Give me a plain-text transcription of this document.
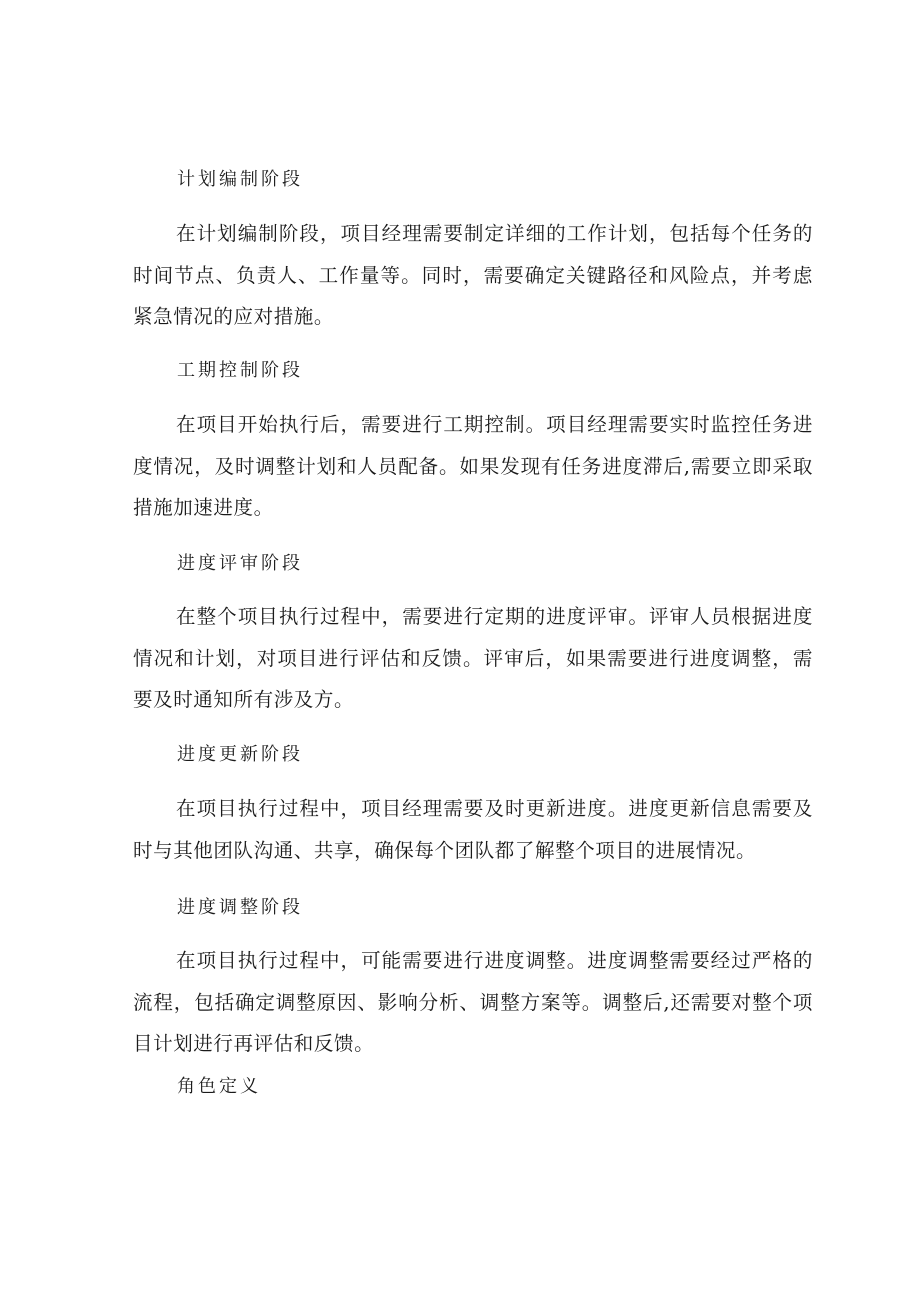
计划编制阶段
在计划编制阶段，项目经理需要制定详细的工作计划，包括每个任务的时间节点、负责人、工作量等。同时，需要确定关键路径和风险点，并考虑紧急情况的应对措施。
工期控制阶段
在项目开始执行后，需要进行工期控制。项目经理需要实时监控任务进度情况，及时调整计划和人员配备。如果发现有任务进度滞后,需要立即采取措施加速进度。
进度评审阶段
在整个项目执行过程中，需要进行定期的进度评审。评审人员根据进度情况和计划，对项目进行评估和反馈。评审后，如果需要进行进度调整，需要及时通知所有涉及方。
进度更新阶段
在项目执行过程中，项目经理需要及时更新进度。进度更新信息需要及时与其他团队沟通、共享，确保每个团队都了解整个项目的进展情况。
进度调整阶段
在项目执行过程中，可能需要进行进度调整。进度调整需要经过严格的流程，包括确定调整原因、影响分析、调整方案等。调整后,还需要对整个项目计划进行再评估和反馈。
角色定义
